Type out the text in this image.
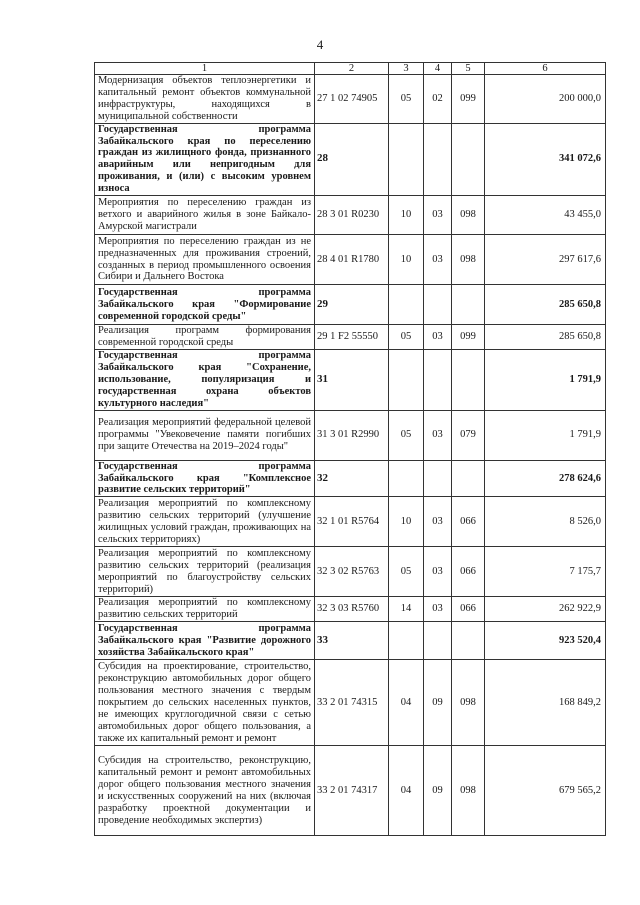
4
1	2	3	4	5	6
Модернизация объектов теплоэнергетики и капитальный ремонт объектов коммунальной инфраструктуры, находящихся в муниципальной собственности	27 1 02 74905	05	02	099	200 000,0
Государственная программа Забайкальского края по переселению граждан из жилищного фонда, признанного аварийным или непригодным для проживания, и (или) с высоким уровнем износа	28				341 072,6
Мероприятия по переселению граждан из ветхого и аварийного жилья в зоне Байкало-Амурской магистрали	28 3 01 R0230	10	03	098	43 455,0
Мероприятия по переселению граждан из не предназначенных для проживания строений, созданных в период промышленного освоения Сибири и Дальнего Востока	28 4 01 R1780	10	03	098	297 617,6
Государственная программа Забайкальского края "Формирование современной городской среды"	29				285 650,8
Реализация программ формирования современной городской среды	29 1 F2 55550	05	03	099	285 650,8
Государственная программа Забайкальского края "Сохранение, использование, популяризация и государственная охрана объектов культурного наследия"	31				1 791,9
Реализация мероприятий федеральной целевой программы "Увековечение памяти погибших при защите Отечества на 2019–2024 годы"	31 3 01 R2990	05	03	079	1 791,9
Государственная программа Забайкальского края "Комплексное развитие сельских территорий"	32				278 624,6
Реализация мероприятий по комплексному развитию сельских территорий (улучшение жилищных условий граждан, проживающих на сельских территориях)	32 1 01 R5764	10	03	066	8 526,0
Реализация мероприятий по комплексному развитию сельских территорий (реализация мероприятий по благоустройству сельских территорий)	32 3 02 R5763	05	03	066	7 175,7
Реализация мероприятий по комплексному развитию сельских территорий	32 3 03 R5760	14	03	066	262 922,9
Государственная программа Забайкальского края "Развитие дорожного хозяйства Забайкальского края"	33				923 520,4
Субсидия на проектирование, строительство, реконструкцию автомобильных дорог общего пользования местного значения с твердым покрытием до сельских населенных пунктов, не имеющих круглогодичной связи с сетью автомобильных дорог общего пользования, а также их капитальный ремонт и ремонт	33 2 01 74315	04	09	098	168 849,2
Субсидия на строительство, реконструкцию, капитальный ремонт и ремонт автомобильных дорог общего пользования местного значения и искусственных сооружений на них (включая разработку проектной документации и проведение необходимых экспертиз)	33 2 01 74317	04	09	098	679 565,2
